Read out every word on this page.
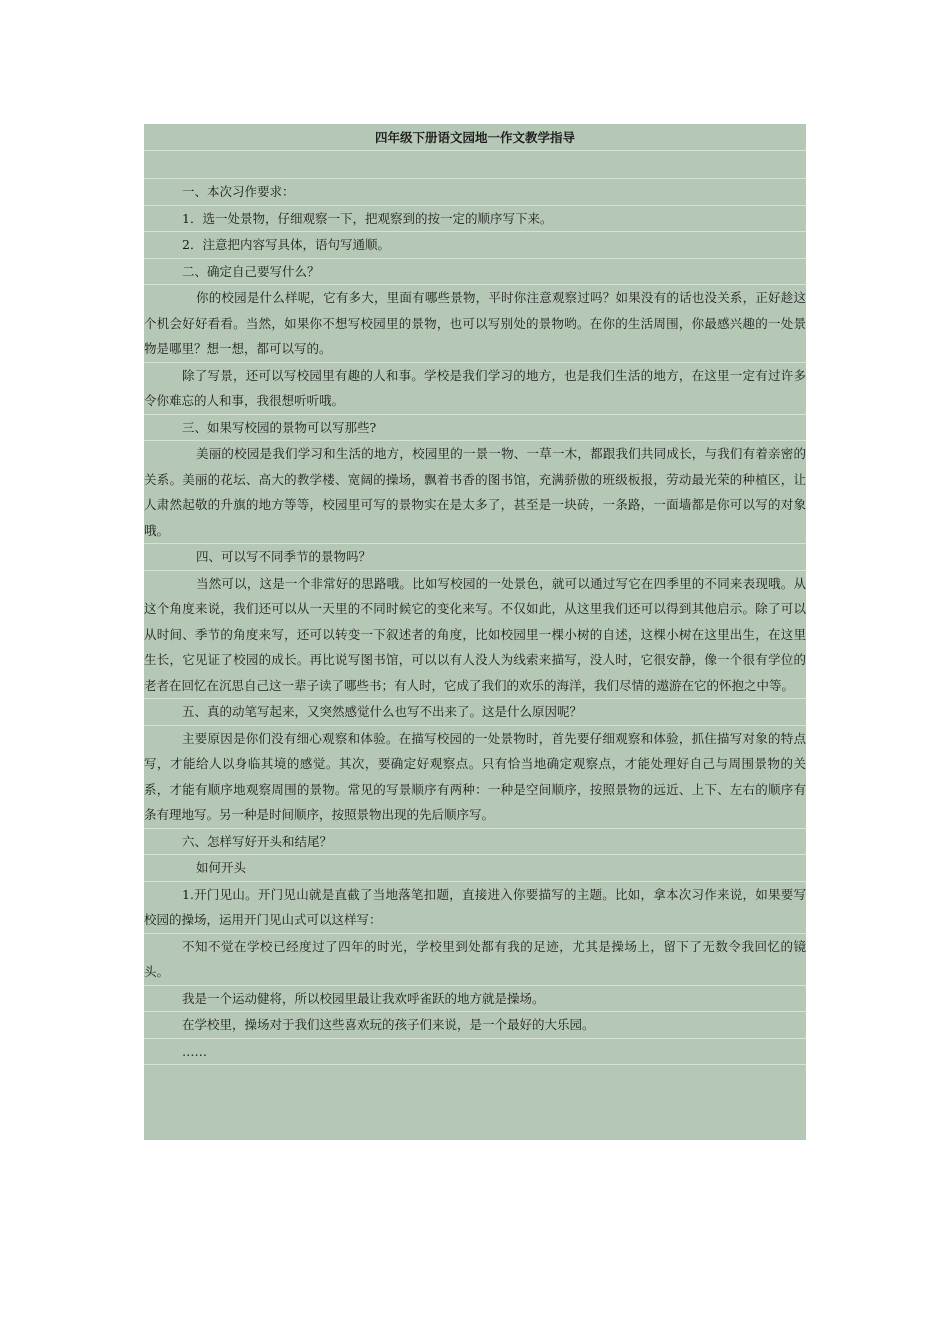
四年级下册语文园地一作文教学指导
一、本次习作要求：
1．选一处景物，仔细观察一下，把观察到的按一定的顺序写下来。
2．注意把内容写具体，语句写通顺。
二、确定自己要写什么？
你的校园是什么样呢，它有多大，里面有哪些景物，平时你注意观察过吗？如果没有的话也没关系，正好趁这个机会好好看看。当然，如果你不想写校园里的景物，也可以写别处的景物哟。在你的生活周围，你最感兴趣的一处景物是哪里？想一想，都可以写的。
除了写景，还可以写校园里有趣的人和事。学校是我们学习的地方，也是我们生活的地方，在这里一定有过许多令你难忘的人和事，我很想听听哦。
三、如果写校园的景物可以写那些?
美丽的校园是我们学习和生活的地方，校园里的一景一物、一草一木，都跟我们共同成长，与我们有着亲密的关系。美丽的花坛、高大的教学楼、宽阔的操场，飘着书香的图书馆，充满骄傲的班级板报，劳动最光荣的种植区，让人肃然起敬的升旗的地方等等，校园里可写的景物实在是太多了，甚至是一块砖，一条路，一面墙都是你可以写的对象哦。
四、可以写不同季节的景物吗？
当然可以，这是一个非常好的思路哦。比如写校园的一处景色，就可以通过写它在四季里的不同来表现哦。从这个角度来说，我们还可以从一天里的不同时候它的变化来写。不仅如此，从这里我们还可以得到其他启示。除了可以从时间、季节的角度来写，还可以转变一下叙述者的角度，比如校园里一棵小树的自述，这棵小树在这里出生，在这里生长，它见证了校园的成长。再比说写图书馆，可以以有人没人为线索来描写，没人时，它很安静，像一个很有学位的老者在回忆在沉思自己这一辈子读了哪些书；有人时，它成了我们的欢乐的海洋，我们尽情的遨游在它的怀抱之中等。
五、真的动笔写起来，又突然感觉什么也写不出来了。这是什么原因呢？
主要原因是你们没有细心观察和体验。在描写校园的一处景物时，首先要仔细观察和体验，抓住描写对象的特点写，才能给人以身临其境的感觉。其次，要确定好观察点。只有恰当地确定观察点，才能处理好自己与周围景物的关系，才能有顺序地观察周围的景物。常见的写景顺序有两种：一种是空间顺序，按照景物的远近、上下、左右的顺序有条有理地写。另一种是时间顺序，按照景物出现的先后顺序写。
六、怎样写好开头和结尾？
如何开头
1.开门见山。开门见山就是直截了当地落笔扣题，直接进入你要描写的主题。比如，拿本次习作来说，如果要写校园的操场，运用开门见山式可以这样写：
不知不觉在学校已经度过了四年的时光，学校里到处都有我的足迹，尤其是操场上，留下了无数令我回忆的镜头。
我是一个运动健将，所以校园里最让我欢呼雀跃的地方就是操场。
在学校里，操场对于我们这些喜欢玩的孩子们来说，是一个最好的大乐园。
……
